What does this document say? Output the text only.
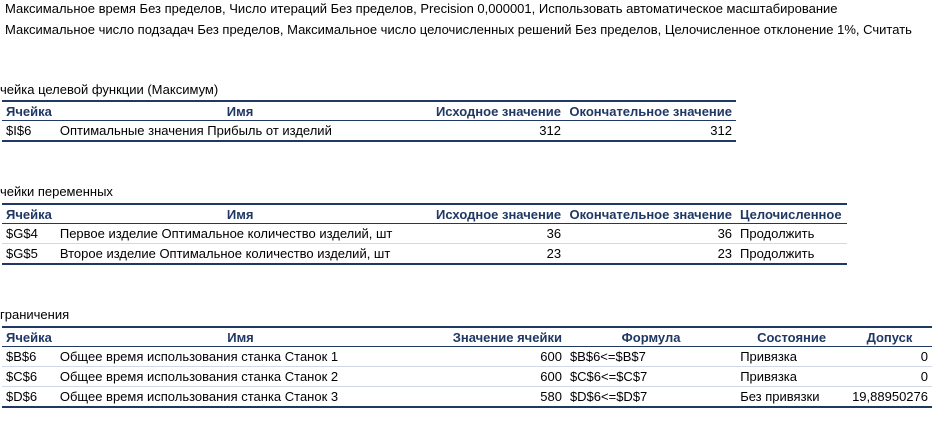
Максимальное время Без пределов, Число итераций Без пределов, Precision 0,000001, Использовать автоматическое масштабирование
Максимальное число подзадач Без пределов, Максимальное число целочисленных решений Без пределов, Целочисленное отклонение 1%, Считать
чейка целевой функции (Максимум)
Ячейка	Имя	Исходное значение	Окончательное значение
$I$6	Оптимальные значения Прибыль от изделий	312	312
чейки переменных
Ячейка	Имя	Исходное значение	Окончательное значение	Целочисленное
$G$4	Первое изделие Оптимальное количество изделий, шт	36	36	Продолжить
$G$5	Второе изделие Оптимальное количество изделий, шт	23	23	Продолжить
граничения
Ячейка	Имя	Значение ячейки	Формула	Состояние	Допуск
$B$6	Общее время использования станка Станок 1	600	$B$6<=$B$7	Привязка	0
$C$6	Общее время использования станка Станок 2	600	$C$6<=$C$7	Привязка	0
$D$6	Общее время использования станка Станок 3	580	$D$6<=$D$7	Без привязки	19,88950276
